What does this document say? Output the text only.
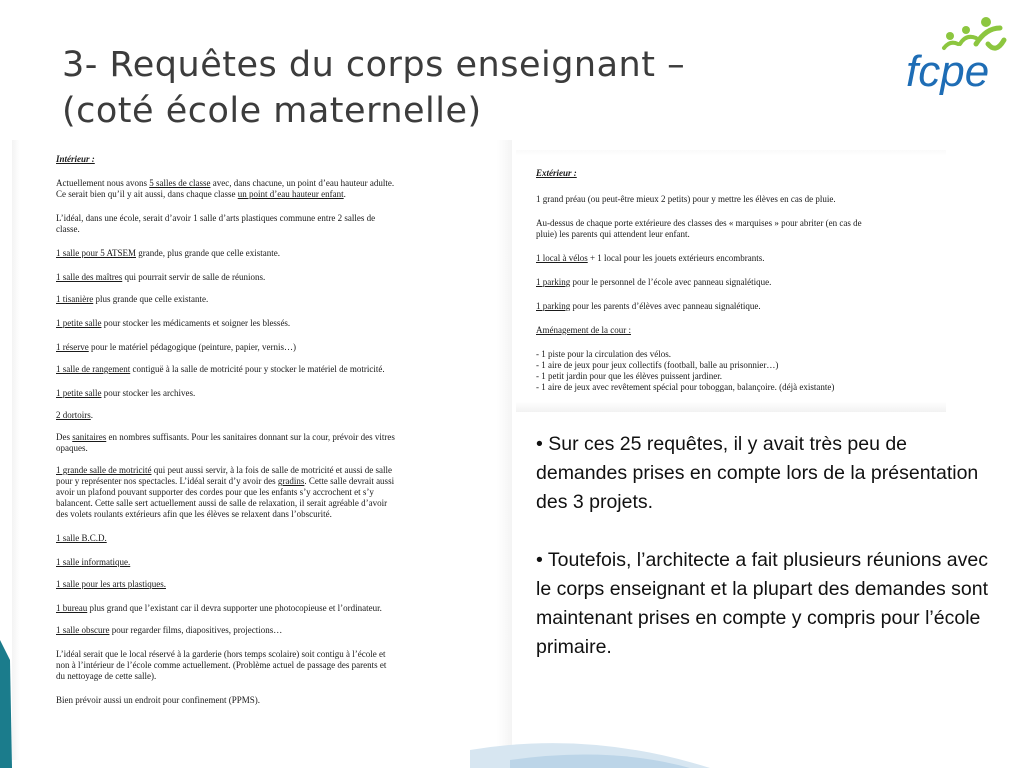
3- Requêtes du corps enseignant –
(coté école maternelle)
fcpe
Intérieur :
Actuellement nous avons 5 salles de classe avec, dans chacune, un point d’eau hauteur adulte.
Ce serait bien qu’il y ait aussi, dans chaque classe un point d’eau hauteur enfant.
L’idéal, dans une école, serait d’avoir 1 salle d’arts plastiques commune entre 2 salles de
classe.
1 salle pour 5 ATSEM grande, plus grande que celle existante.
1 salle des maîtres qui pourrait servir de salle de réunions.
1 tisanière plus grande que celle existante.
1 petite salle pour stocker les médicaments et soigner les blessés.
1 réserve pour le matériel pédagogique (peinture, papier, vernis…)
1 salle de rangement contiguë à la salle de motricité pour y stocker le matériel de motricité.
1 petite salle pour stocker les archives.
2 dortoirs.
Des sanitaires en nombres suffisants. Pour les sanitaires donnant sur la cour, prévoir des vitres
opaques.
1 grande salle de motricité qui peut aussi servir, à la fois de salle de motricité et aussi de salle
pour y représenter nos spectacles. L’idéal serait d’y avoir des gradins. Cette salle devrait aussi
avoir un plafond pouvant supporter des cordes pour que les enfants s’y accrochent et s’y
balancent. Cette salle sert actuellement aussi de salle de relaxation, il serait agréable d’avoir
des volets roulants extérieurs afin que les élèves se relaxent dans l’obscurité.
1 salle B.C.D.
1 salle informatique.
1 salle pour les arts plastiques.
1 bureau plus grand que l’existant car il devra supporter une photocopieuse et l’ordinateur.
1 salle obscure pour regarder films, diapositives, projections…
L’idéal serait que le local réservé à la garderie (hors temps scolaire) soit contigu à l’école et
non à l’intérieur de l’école comme actuellement. (Problème actuel de passage des parents et
du nettoyage de cette salle).
Bien prévoir aussi un endroit pour confinement (PPMS).
Extérieur :
1 grand préau (ou peut-être mieux 2 petits) pour y mettre les élèves en cas de pluie.
Au-dessus de chaque porte extérieure des classes des « marquises » pour abriter (en cas de
pluie) les parents qui attendent leur enfant.
1 local à vélos + 1 local pour les jouets extérieurs encombrants.
1 parking pour le personnel de l’école avec panneau signalétique.
1 parking pour les parents d’élèves avec panneau signalétique.
Aménagement de la cour :
- 1 piste pour la circulation des vélos.
- 1 aire de jeux pour jeux collectifs (football, balle au prisonnier…)
- 1 petit jardin pour que les élèves puissent jardiner.
- 1 aire de jeux avec revêtement spécial pour toboggan, balançoire. (déjà existante)

• Sur ces 25 requêtes, il y avait très peu de demandes prises en compte lors de la présentation des 3 projets.

• Toutefois, l’architecte a fait plusieurs réunions avec le corps enseignant et la plupart des demandes sont maintenant prises en compte y compris pour l’école primaire.
